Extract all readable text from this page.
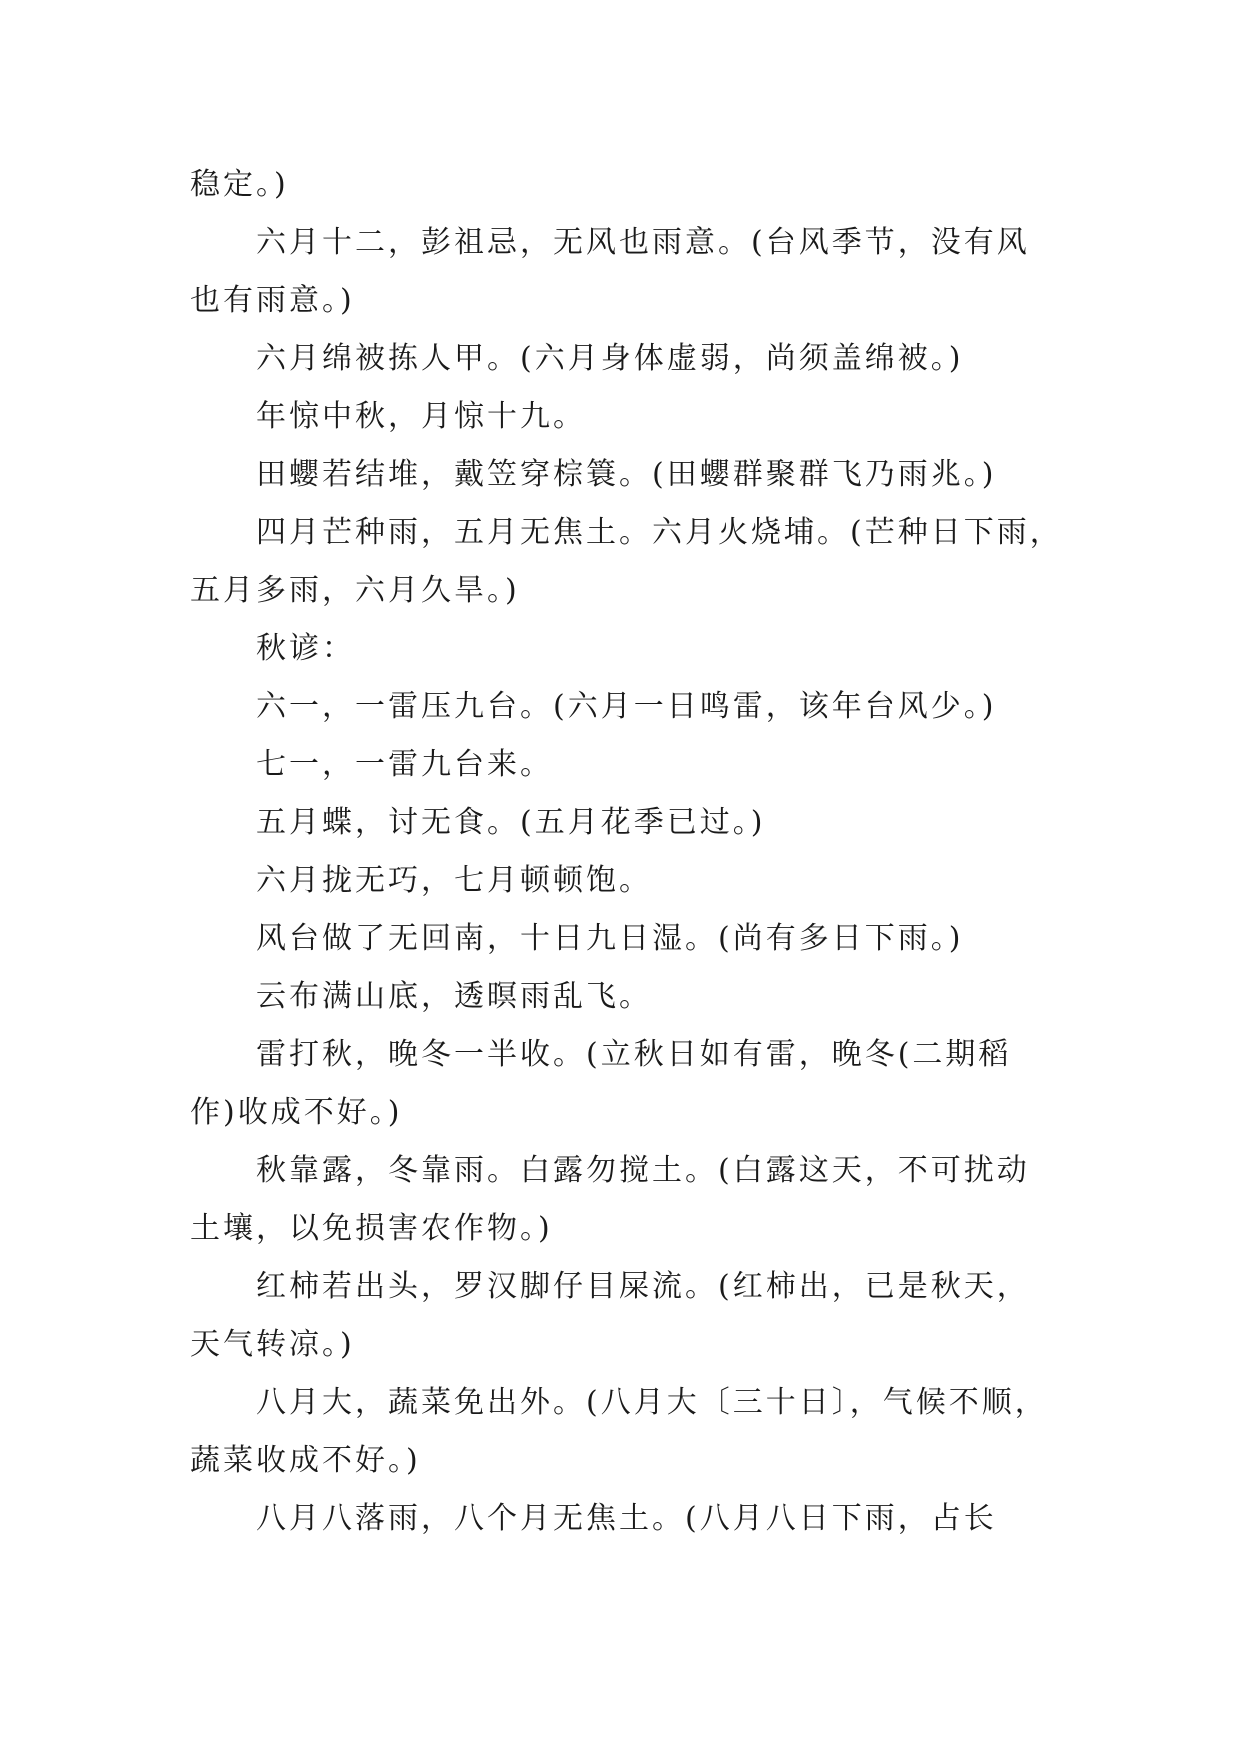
稳定。)
六月十二，彭祖忌，无风也雨意。(台风季节，没有风
也有雨意。)
六月绵被拣人甲。(六月身体虚弱，尚须盖绵被。)
年惊中秋，月惊十九。
田蠳若结堆，戴笠穿棕簑。(田蠳群聚群飞乃雨兆。)
四月芒种雨，五月无焦土。六月火烧埔。(芒种日下雨，
五月多雨，六月久旱。)
秋谚：
六一，一雷压九台。(六月一日鸣雷，该年台风少。)
七一，一雷九台来。
五月蝶，讨无食。(五月花季已过。)
六月拢无巧，七月顿顿饱。
风台做了无回南，十日九日湿。(尚有多日下雨。)
云布满山底，透暝雨乱飞。
雷打秋，晚冬一半收。(立秋日如有雷，晚冬(二期稻
作)收成不好。)
秋靠露，冬靠雨。白露勿搅土。(白露这天，不可扰动
土壤，以免损害农作物。)
红柿若出头，罗汉脚仔目屎流。(红柿出，已是秋天，
天气转凉。)
八月大，蔬菜免出外。(八月大〔三十日〕，气候不顺，
蔬菜收成不好。)
八月八落雨，八个月无焦土。(八月八日下雨，占长
